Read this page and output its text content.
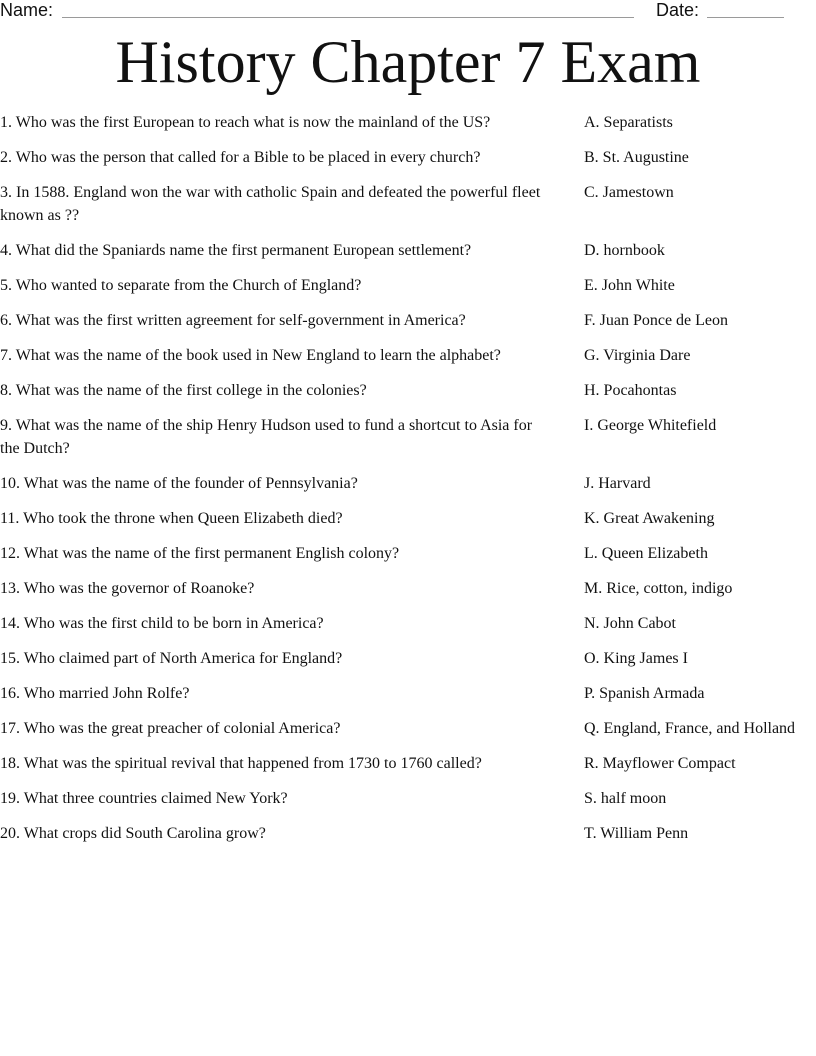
Name:	Date:
History Chapter 7 Exam
1. Who was the first European to reach what is now the mainland of the US?	A. Separatists
2. Who was the person that called for a Bible to be placed in every church?	B. St. Augustine
3. In 1588. England won the war with catholic Spain and defeated the powerful fleet known as ??
C. Jamestown
4. What did the Spaniards name the first permanent European settlement?	D. hornbook
5. Who wanted to separate from the Church of England?	E. John White
6. What was the first written agreement for self-government in America?	F. Juan Ponce de Leon
7. What was the name of the book used in New England to learn the alphabet?	G. Virginia Dare
8. What was the name of the first college in the colonies?	H. Pocahontas
9. What was the name of the ship Henry Hudson used to fund a shortcut to Asia for the Dutch?
I. George Whitefield
10. What was the name of the founder of Pennsylvania?	J. Harvard
11. Who took the throne when Queen Elizabeth died?	K. Great Awakening
12. What was the name of the first permanent English colony?	L. Queen Elizabeth
13. Who was the governor of Roanoke?	M. Rice, cotton, indigo
14. Who was the first child to be born in America?	N. John Cabot
15. Who claimed part of North America for England?	O. King James I
16. Who married John Rolfe?	P. Spanish Armada
17. Who was the great preacher of colonial America?	Q. England, France, and Holland
18. What was the spiritual revival that happened from 1730 to 1760 called?	R. Mayflower Compact
19. What three countries claimed New York?	S. half moon
20. What crops did South Carolina grow?	T. William Penn
